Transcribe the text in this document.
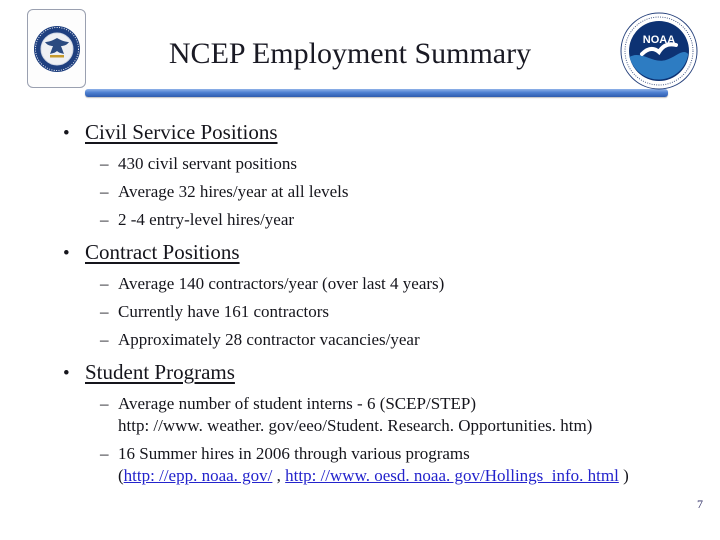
NCEP Employment Summary	NOAA
• Civil Service Positions
– 430 civil servant positions
– Average 32 hires/year at all levels
– 2 -4 entry-level hires/year
• Contract Positions
– Average 140 contractors/year (over last 4 years)
– Currently have 161 contractors
– Approximately 28 contractor vacancies/year
• Student Programs
– Average number of student interns - 6 (SCEP/STEP)
http: //www. weather. gov/eeo/Student. Research. Opportunities. htm)
– 16 Summer hires in 2006 through various programs
(http: //epp. noaa. gov/ , http: //www. oesd. noaa. gov/Hollings_info. html )
7
